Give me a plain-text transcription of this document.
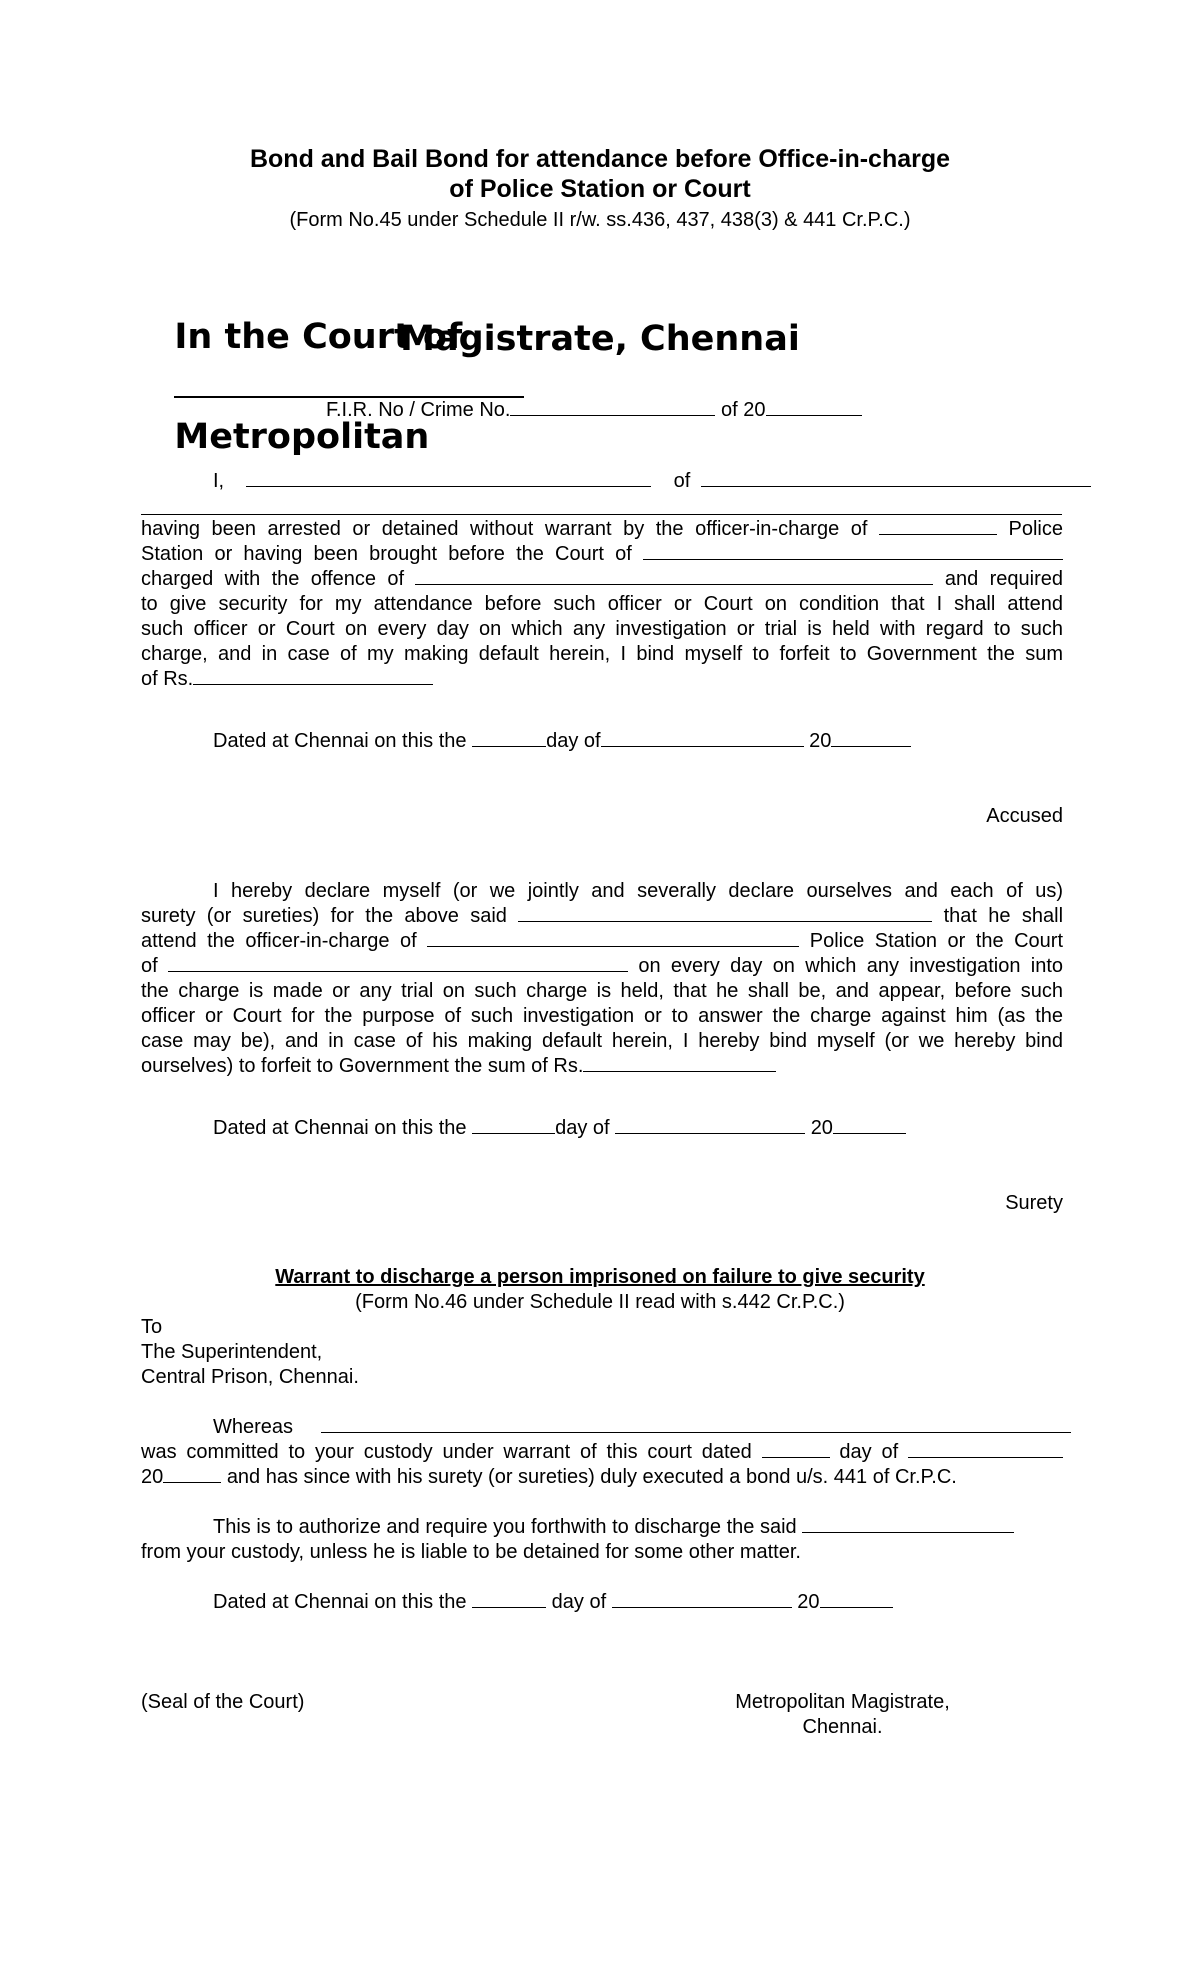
Bond and Bail Bond for attendance before Office-in-charge
of Police Station or Court
(Form No.45 under Schedule II r/w. ss.436, 437, 438(3) & 441 Cr.P.C.)

In the Court of

Metropolitan

Magistrate, Chennai
F.I.R. No / Crime No.	of 20
I,	of
having been arrested or detained without warrant by the officer-in-charge of	Police
Station or having been brought before the Court of
charged with the offence of	and required
to give security for my attendance before such officer or Court on condition that I shall attend
such officer or Court on every day on which any investigation or trial is held with regard to such
charge, and in case of my making default herein, I bind myself to forfeit to Government the sum
of Rs.
Dated at Chennai on this the	day of	20
Accused
I hereby declare myself (or we jointly and severally declare ourselves and each of us)
surety (or sureties) for the above said	that he shall
attend the officer-in-charge of	Police Station or the Court
of	on every day on which any investigation into
the charge is made or any trial on such charge is held, that he shall be, and appear, before such
officer or Court for the purpose of such investigation or to answer the charge against him (as the
case may be), and in case of his making default herein, I hereby bind myself (or we hereby bind
ourselves) to forfeit to Government the sum of Rs.
Dated at Chennai on this the	day of	20
Surety
Warrant to discharge a person imprisoned on failure to give security
(Form No.46 under Schedule II read with s.442 Cr.P.C.)
To
The Superintendent,
Central Prison, Chennai.
Whereas
was committed to your custody under warrant of this court dated	day of
20	and has since with his surety (or sureties) duly executed a bond u/s. 441 of Cr.P.C.
This is to authorize and require you forthwith to discharge the said
from your custody, unless he is liable to be detained for some other matter.
Dated at Chennai on this the	day of	20
(Seal of the Court)	Metropolitan Magistrate,
Chennai.
